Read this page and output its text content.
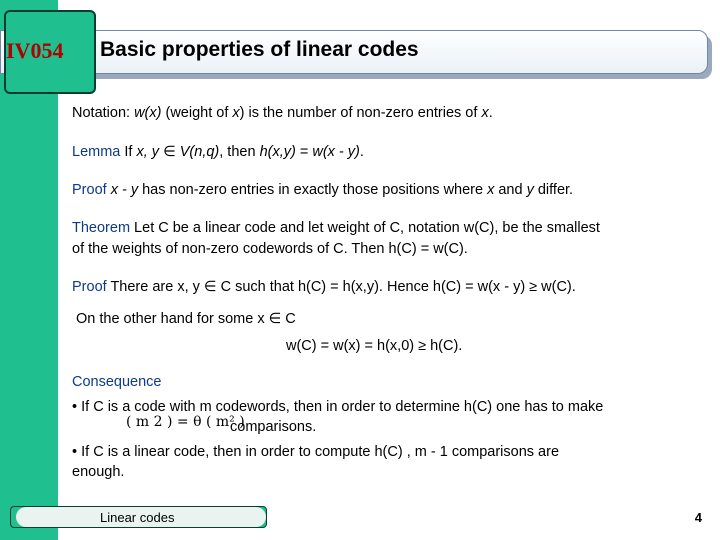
IV054	Basic properties of linear codes
Notation: w(x) (weight of x) is the number of non-zero entries of x.
Lemma If x, y ∈ V(n,q), then h(x,y) = w(x - y).
Proof x - y has non-zero entries in exactly those positions where x and y differ.
Theorem Let C be a linear code and let weight of C, notation w(C), be the smallest
of the weights of non-zero codewords of C. Then h(C) = w(C).
Proof There are x, y ∈ C such that h(C) = h(x,y). Hence h(C) = w(x - y) ≥ w(C).
On the other hand for some x ∈ C
w(C) = w(x) = h(x,0) ≥ h(C).
Consequence
• If C is a code with m codewords, then in order to determine h(C) one has to make
( m 2 ) = θ ( m² )
comparisons.
• If C is a linear code, then in order to compute h(C) , m - 1 comparisons are
enough.
Linear codes	4
